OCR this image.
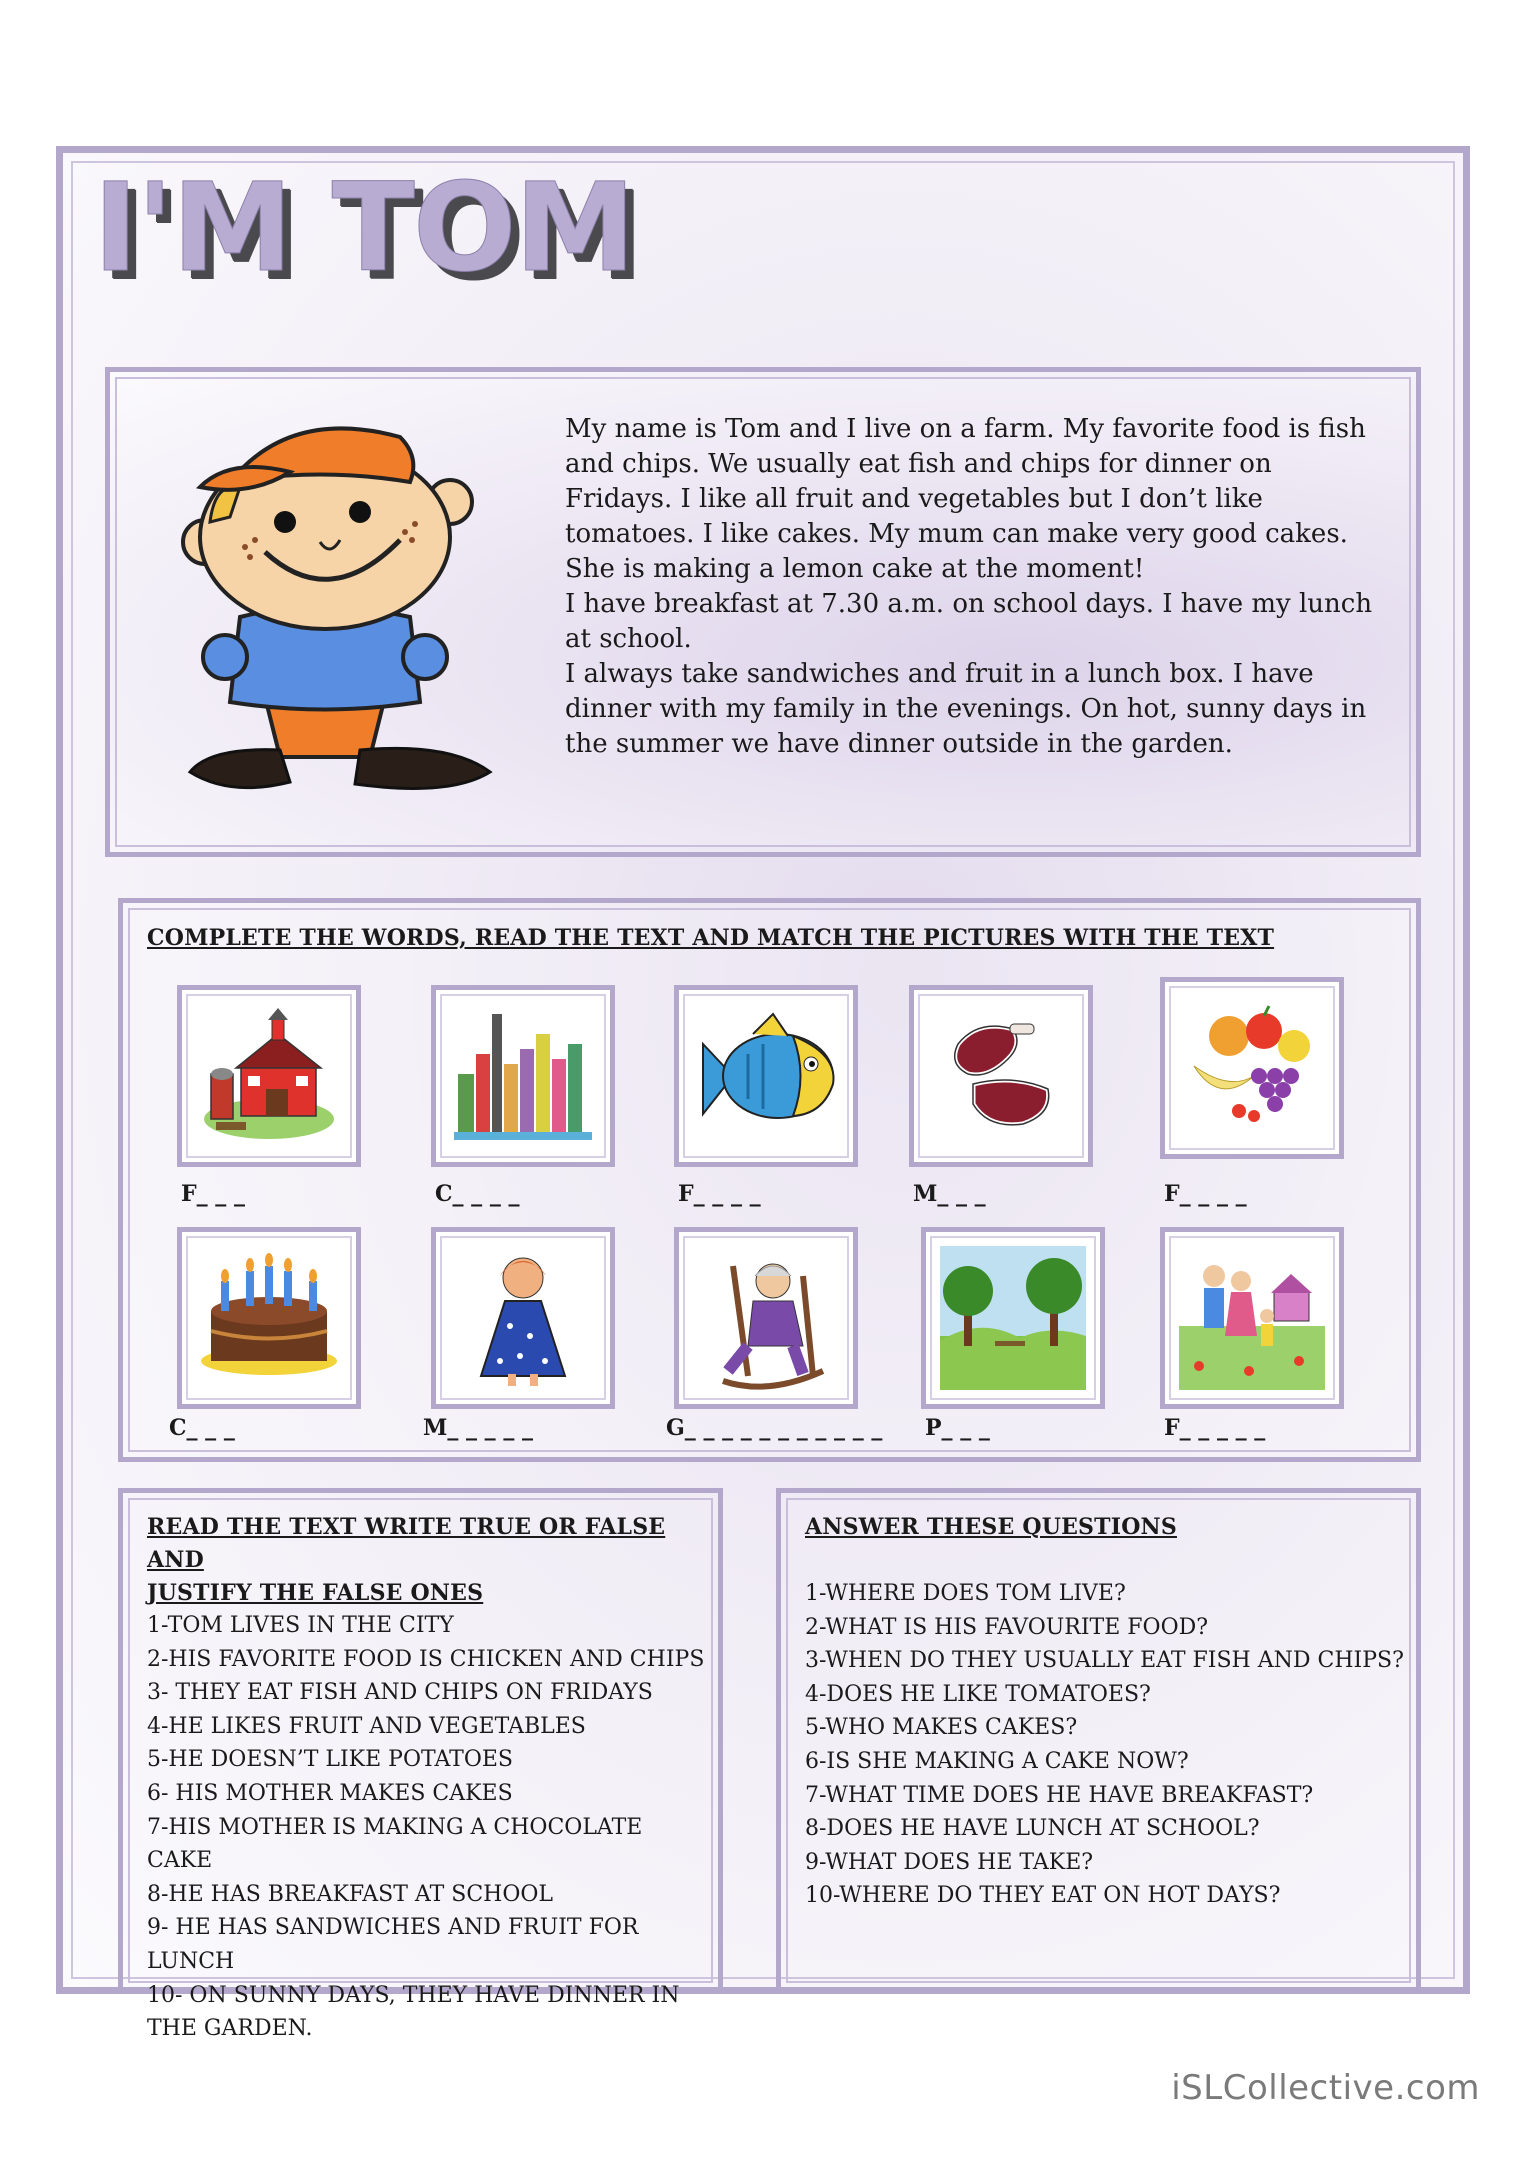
I'M TOM

My name is Tom and I live on a farm. My favorite food is fish and chips. We usually eat fish and chips for dinner on Fridays. I like all fruit and vegetables but I don’t like tomatoes. I like cakes. My mum can make very good cakes. She is making a lemon cake at the moment!

I have breakfast at 7.30 a.m. on school days. I have my lunch at school.

I always take sandwiches and fruit in a lunch box. I have dinner with my family in the evenings. On hot, sunny days in the summer we have dinner outside in the garden.

COMPLETE THE WORDS, READ THE TEXT AND MATCH THE PICTURES WITH THE TEXT
F_ _ _	C_ _ _ _	F_ _ _ _	M_ _ _	F_ _ _ _
C_ _ _	M_ _ _ _ _	G_ _ _ _ _ _ _ _ _ _ _ P_ _ _	F_ _ _ _ _
READ THE TEXT WRITE TRUE OR FALSE AND
JUSTIFY THE FALSE ONES
1-TOM LIVES IN THE CITY
2-HIS FAVORITE FOOD IS CHICKEN AND CHIPS
3- THEY EAT FISH AND CHIPS ON FRIDAYS
4-HE LIKES FRUIT AND VEGETABLES
5-HE DOESN’T LIKE POTATOES
6- HIS MOTHER MAKES CAKES
7-HIS MOTHER IS MAKING A CHOCOLATE CAKE
8-HE HAS BREAKFAST AT SCHOOL
9- HE HAS SANDWICHES AND FRUIT FOR LUNCH
10- ON SUNNY DAYS, THEY HAVE DINNER IN THE GARDEN.
ANSWER THESE QUESTIONS
1-WHERE DOES TOM LIVE?
2-WHAT IS HIS FAVOURITE FOOD?
3-WHEN DO THEY USUALLY EAT FISH AND CHIPS?
4-DOES HE LIKE TOMATOES?
5-WHO MAKES CAKES?
6-IS SHE MAKING A CAKE NOW?
7-WHAT TIME DOES HE HAVE BREAKFAST?
8-DOES HE HAVE LUNCH AT SCHOOL?
9-WHAT DOES HE TAKE?
10-WHERE DO THEY EAT ON HOT DAYS?
iSLCollective.com
